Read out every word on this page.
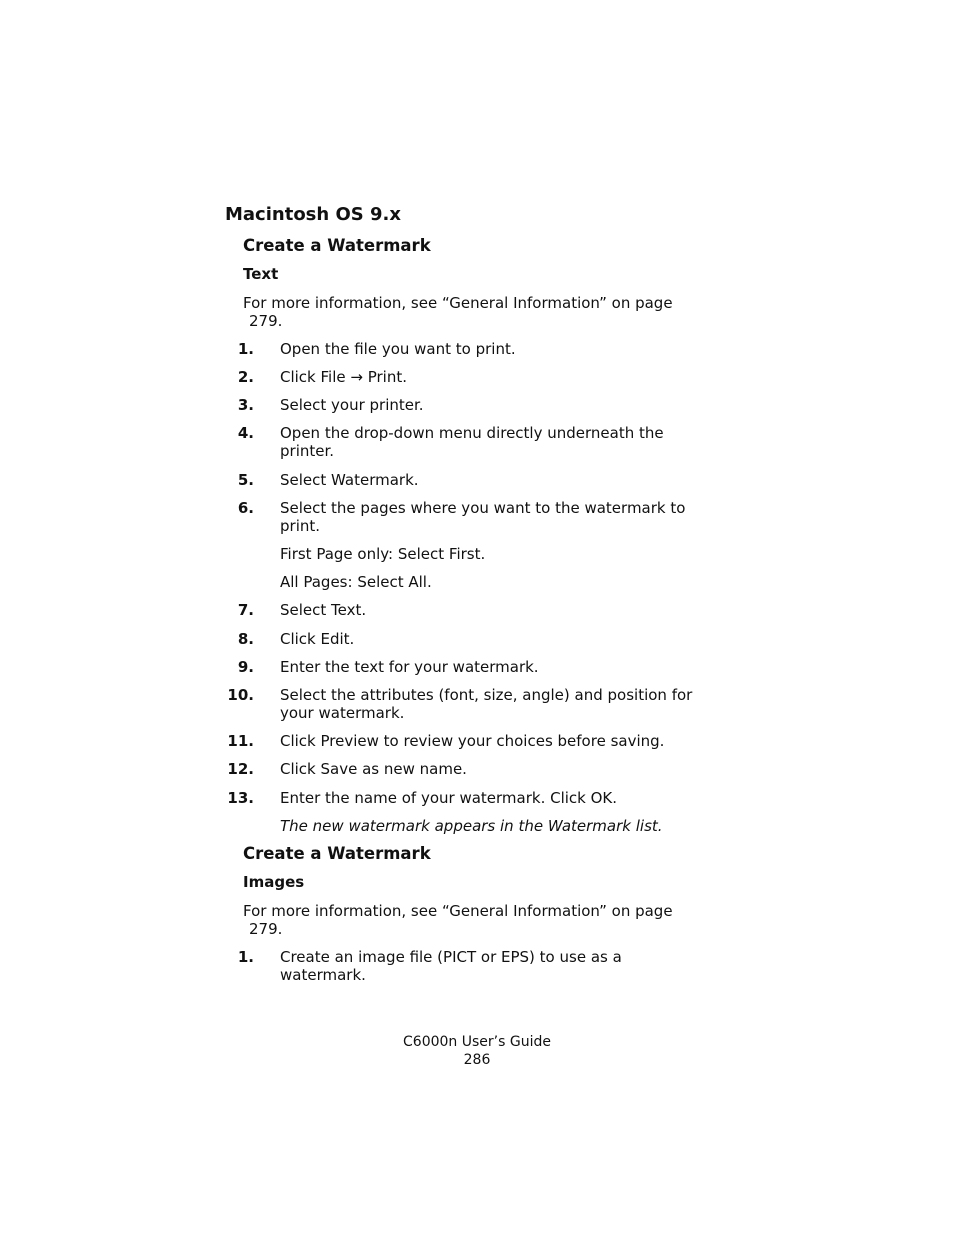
Macintosh OS 9.x
Create a Watermark
Text
For more information, see “General Information” on page
279.
1. Open the file you want to print.
2. Click File → Print.
3. Select your printer.
4. Open the drop-down menu directly underneath the
printer.
5. Select Watermark.
6. Select the pages where you want to the watermark to
print.
First Page only: Select First.
All Pages: Select All.
7. Select Text.
8. Click Edit.
9. Enter the text for your watermark.
10. Select the attributes (font, size, angle) and position for
your watermark.
11. Click Preview to review your choices before saving.
12. Click Save as new name.
13. Enter the name of your watermark. Click OK.
The new watermark appears in the Watermark list.
Create a Watermark
Images
For more information, see “General Information” on page
279.
1. Create an image file (PICT or EPS) to use as a
watermark.
C6000n User’s Guide
286
